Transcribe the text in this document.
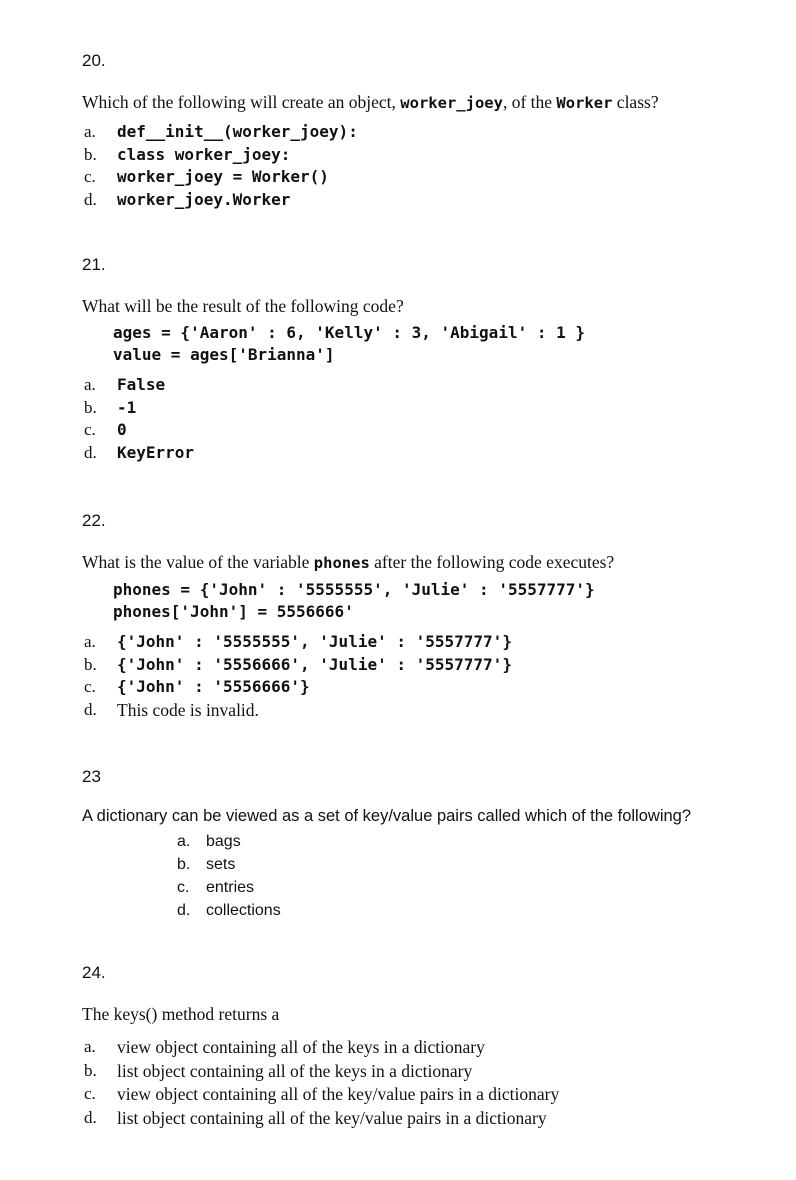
20.
Which of the following will create an object, worker_joey, of the Worker class?
a.	def__init__(worker_joey):
b.	class worker_joey:
c.	worker_joey = Worker()
d.	worker_joey.Worker
21.
What will be the result of the following code?
ages = {'Aaron' : 6, 'Kelly' : 3, 'Abigail' : 1 }
value = ages['Brianna']
a.	False
b.	-1
c.	0
d.	KeyError
22.
What is the value of the variable phones after the following code executes?
phones = {'John' : '5555555', 'Julie' : '5557777'}
phones['John'] = 5556666'
a.	{'John' : '5555555', 'Julie' : '5557777'}
b.	{'John' : '5556666', 'Julie' : '5557777'}
c.	{'John' : '5556666'}
d.	This code is invalid.
23
A dictionary can be viewed as a set of key/value pairs called which of the following?
a. bags
b. sets
c.	entries
d. collections
24.
The keys() method returns a
a.	view object containing all of the keys in a dictionary
b.	list object containing all of the keys in a dictionary
c.	view object containing all of the key/value pairs in a dictionary
d.	list object containing all of the key/value pairs in a dictionary
